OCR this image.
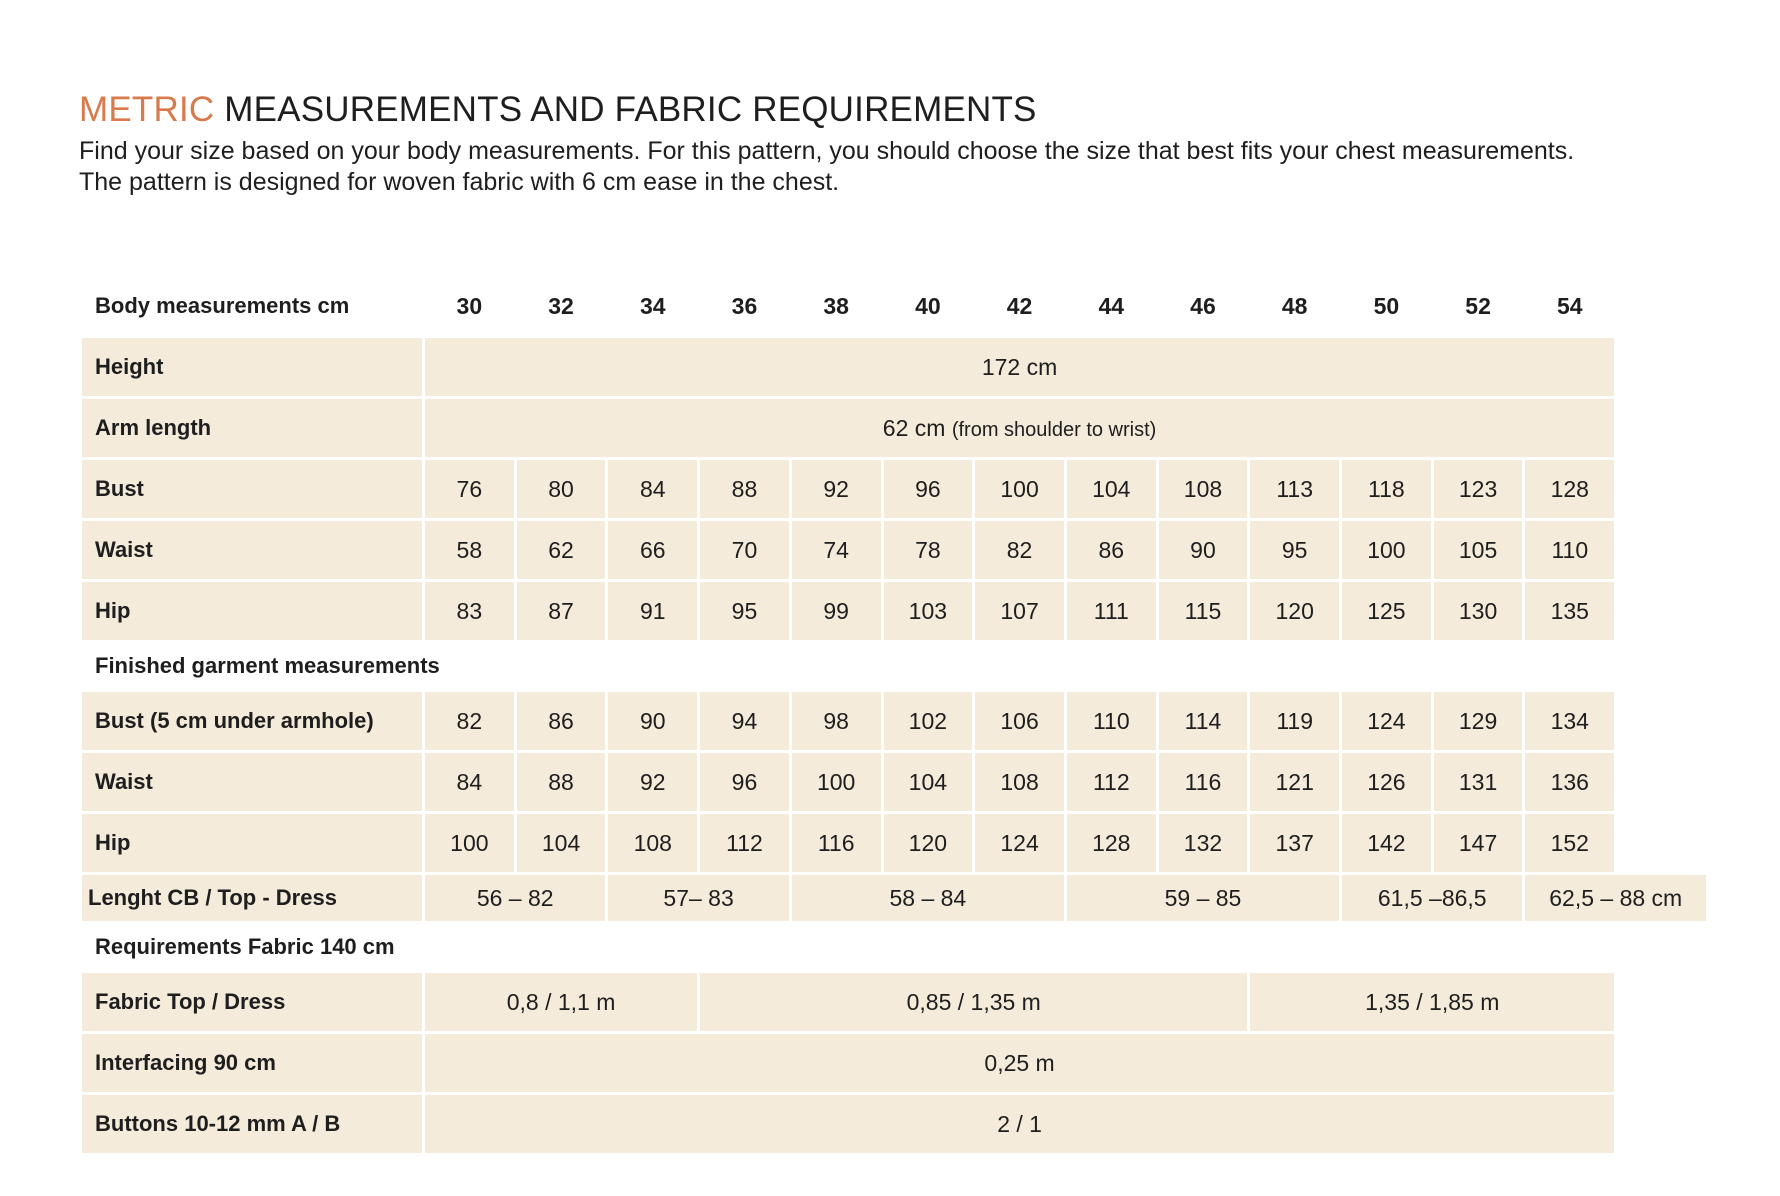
METRIC MEASUREMENTS AND FABRIC REQUIREMENTS

Find your size based on your body measurements. For this pattern, you should choose the size that best fits your chest measurements.
The pattern is designed for woven fabric with 6 cm ease in the chest.

Body measurements cm	30	32	34	36	38	40	42	44	46	48	50	52	54
Height	172 cm												
Arm length	62 cm (from shoulder to wrist)												
Bust	76	80	84	88	92	96	100	104	108	113	118	123	128
Waist	58	62	66	70	74	78	82	86	90	95	100	105	110
Hip	83	87	91	95	99	103	107	111	115	120	125	130	135
Finished garment measurements													
Bust (5 cm under armhole)	82	86	90	94	98	102	106	110	114	119	124	129	134
Waist	84	88	92	96	100	104	108	112	116	121	126	131	136
Hip	100	104	108	112	116	120	124	128	132	137	142	147	152
Lenght CB / Top - Dress	56 – 82		57– 83		58 – 84			59 – 85			61,5 –86,5		62,5 – 88 cm
Requirements Fabric 140 cm													
Fabric Top / Dress	0,8 / 1,1 m			0,85 / 1,35 m						1,35 / 1,85 m			
Interfacing 90 cm	0,25 m												
Buttons 10-12 mm A / B	2 / 1												
